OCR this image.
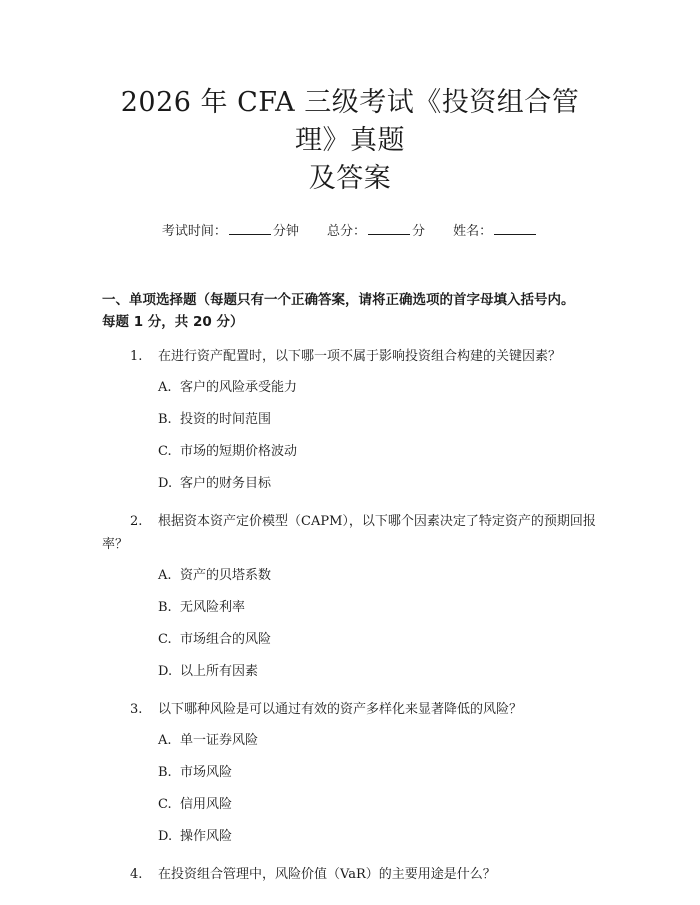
2026 年 CFA 三级考试《投资组合管理》真题
及答案
考试时间：	分钟 总分：	分 姓名：
一、单项选择题（每题只有一个正确答案，请将正确选项的首字母填入括号内。
每题 1 分，共 20 分）

1. 在进行资产配置时，以下哪一项不属于影响投资组合构建的关键因素？

A. 客户的风险承受能力
B. 投资的时间范围
C. 市场的短期价格波动
D. 客户的财务目标

2. 根据资本资产定价模型（CAPM），以下哪个因素决定了特定资产的预期回报率？

A. 资产的贝塔系数
B. 无风险利率
C. 市场组合的风险
D. 以上所有因素

3. 以下哪种风险是可以通过有效的资产多样化来显著降低的风险？

A. 单一证券风险
B. 市场风险
C. 信用风险
D. 操作风险

4. 在投资组合管理中，风险价值（VaR）的主要用途是什么？
